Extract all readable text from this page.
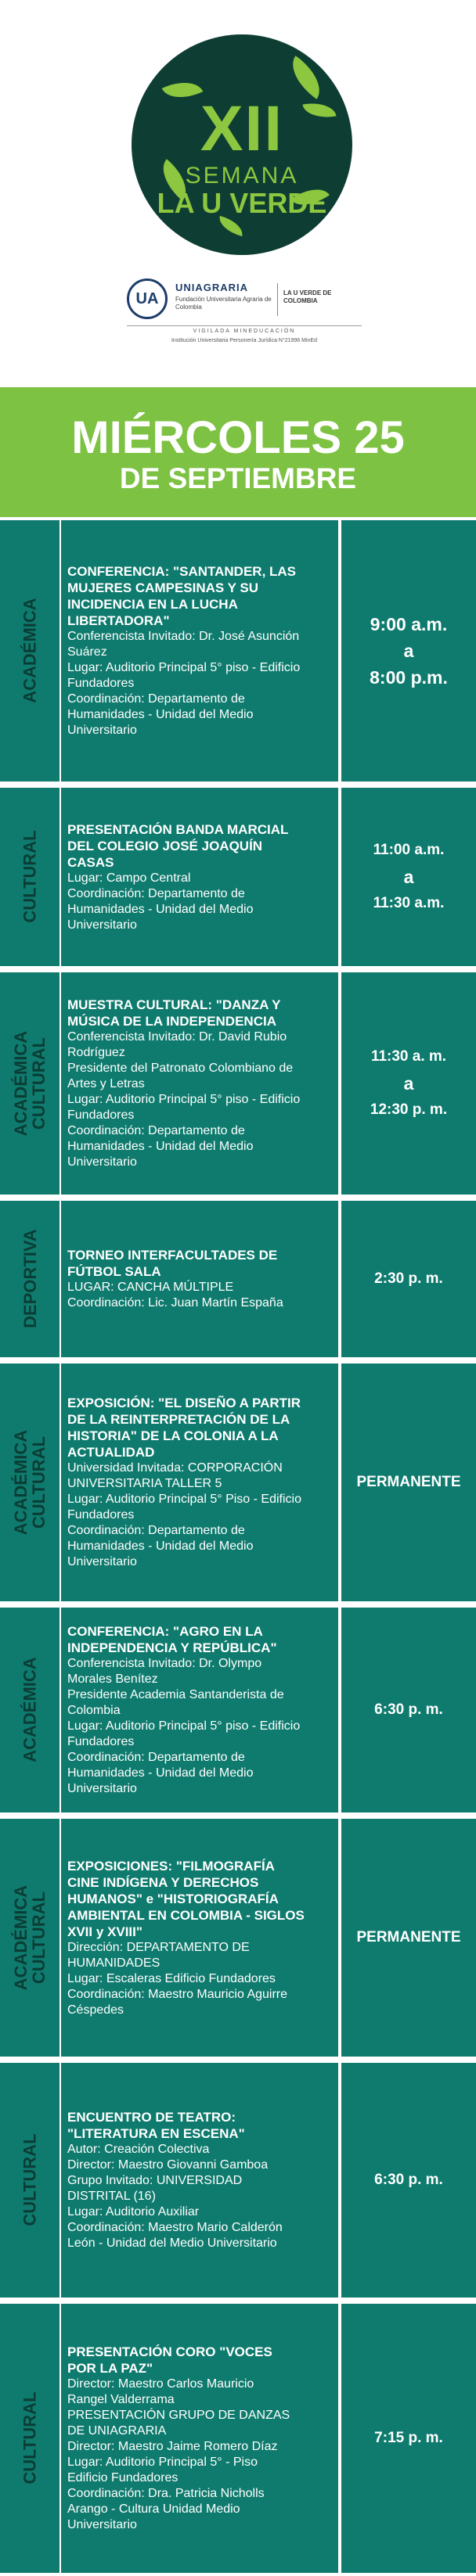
XII
SEMANA
LA U VERDE
UA
UNIAGRARIA
Fundación Universitaria Agraria de Colombia
LA U VERDE DE COLOMBIA
VIGILADA MINEDUCACIÓN
Institución Universitaria Personería Jurídica N°21996 MinEd
MIÉRCOLES 25
DE SEPTIEMBRE
ACADÉMICA
CONFERENCIA: "SANTANDER, LAS
MUJERES CAMPESINAS Y SU
INCIDENCIA EN LA LUCHA
LIBERTADORA"
Conferencista Invitado: Dr. José Asunción
Suárez
Lugar: Auditorio Principal 5° piso - Edificio
Fundadores
Coordinación: Departamento de
Humanidades - Unidad del Medio
Universitario
9:00 a.m.
a
8:00 p.m.
CULTURAL
PRESENTACIÓN BANDA MARCIAL
DEL COLEGIO JOSÉ JOAQUÍN
CASAS
Lugar: Campo Central
Coordinación: Departamento de
Humanidades - Unidad del Medio
Universitario
11:00 a.m.
a
11:30 a.m.
ACADÉMICA
CULTURAL
MUESTRA CULTURAL: "DANZA Y
MÚSICA DE LA INDEPENDENCIA
Conferencista Invitado: Dr. David Rubio
Rodríguez
Presidente del Patronato Colombiano de
Artes y Letras
Lugar: Auditorio Principal 5° piso - Edificio
Fundadores
Coordinación: Departamento de
Humanidades - Unidad del Medio
Universitario
11:30 a. m.
a
12:30 p. m.
DEPORTIVA TORNEO INTERFACULTADES DE
FÚTBOL SALA
LUGAR: CANCHA MÚLTIPLE
Coordinación: Lic. Juan Martín España
2:30 p. m.
ACADÉMICA
CULTURAL
EXPOSICIÓN: "EL DISEÑO A PARTIR
DE LA REINTERPRETACIÓN DE LA
HISTORIA" DE LA COLONIA A LA
ACTUALIDAD
Universidad Invitada: CORPORACIÓN
UNIVERSITARIA TALLER 5
Lugar: Auditorio Principal 5° Piso - Edificio
Fundadores
Coordinación: Departamento de
Humanidades - Unidad del Medio
Universitario
PERMANENTE
ACADÉMICA
CONFERENCIA: "AGRO EN LA
INDEPENDENCIA Y REPÚBLICA"
Conferencista Invitado: Dr. Olympo
Morales Benítez
Presidente Academia Santanderista de
Colombia
Lugar: Auditorio Principal 5° piso - Edificio
Fundadores
Coordinación: Departamento de
Humanidades - Unidad del Medio
Universitario
6:30 p. m.
ACADÉMICA
CULTURAL
EXPOSICIONES: "FILMOGRAFÍA
CINE INDÍGENA Y DERECHOS
HUMANOS" e "HISTORIOGRAFÍA
AMBIENTAL EN COLOMBIA - SIGLOS
XVII y XVIII"
Dirección: DEPARTAMENTO DE
HUMANIDADES
Lugar: Escaleras Edificio Fundadores
Coordinación: Maestro Mauricio Aguirre
Céspedes
PERMANENTE
CULTURAL
ENCUENTRO DE TEATRO:
"LITERATURA EN ESCENA"
Autor: Creación Colectiva
Director: Maestro Giovanni Gamboa
Grupo Invitado: UNIVERSIDAD
DISTRITAL (16)
Lugar: Auditorio Auxiliar
Coordinación: Maestro Mario Calderón
León - Unidad del Medio Universitario
6:30 p. m.
CULTURAL
PRESENTACIÓN CORO "VOCES
POR LA PAZ"
Director: Maestro Carlos Mauricio
Rangel Valderrama
PRESENTACIÓN GRUPO DE DANZAS
DE UNIAGRARIA
Director: Maestro Jaime Romero Díaz
Lugar: Auditorio Principal 5° - Piso
Edificio Fundadores
Coordinación: Dra. Patricia Nicholls
Arango - Cultura Unidad Medio
Universitario
7:15 p. m.
